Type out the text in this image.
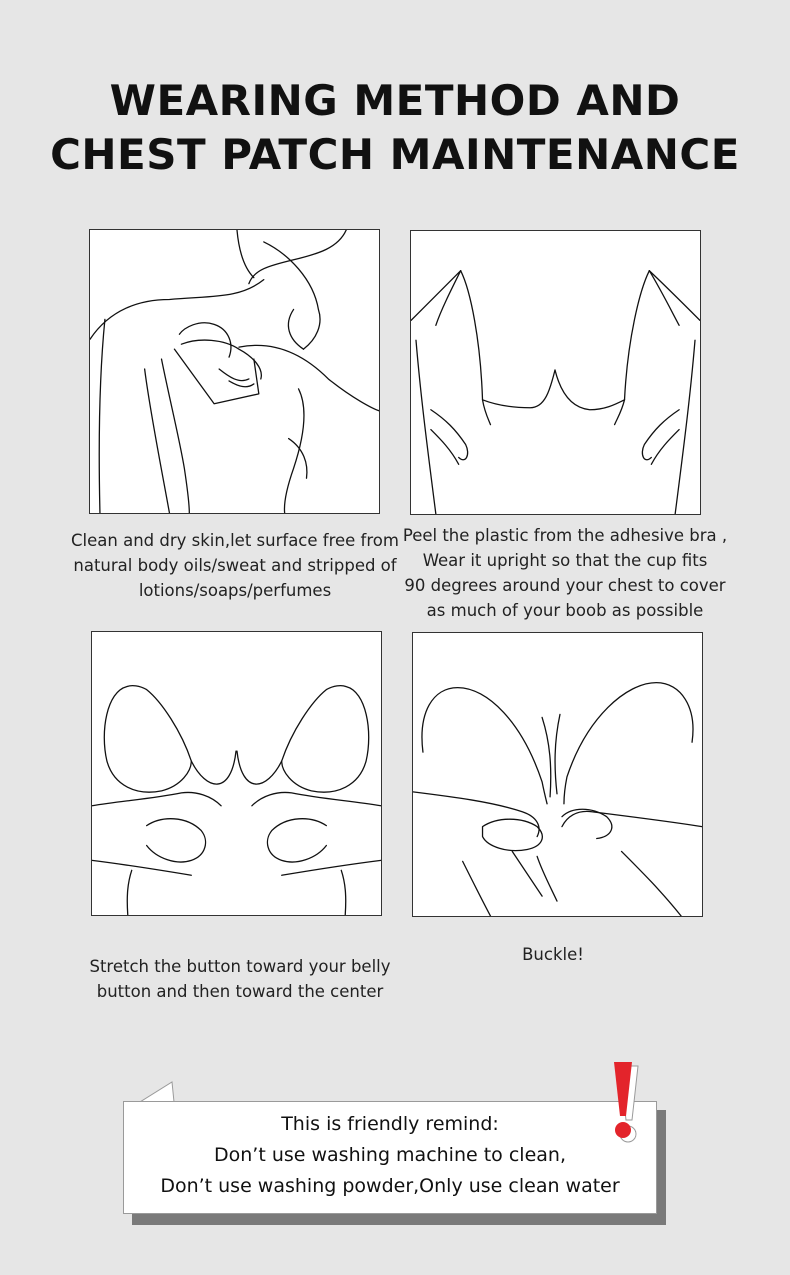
WEARING METHOD AND
CHEST PATCH MAINTENANCE
Clean and dry skin,let surface free from
natural body oils/sweat and stripped of
lotions/soaps/perfumes
Peel the plastic from the adhesive bra ,
Wear it upright so that the cup fits
90 degrees around your chest to cover
as much of your boob as possible
Stretch the button toward your belly
button and then toward the center
Buckle!
This is friendly remind:
Don’t use washing machine to clean,
Don’t use washing powder,Only use clean water
